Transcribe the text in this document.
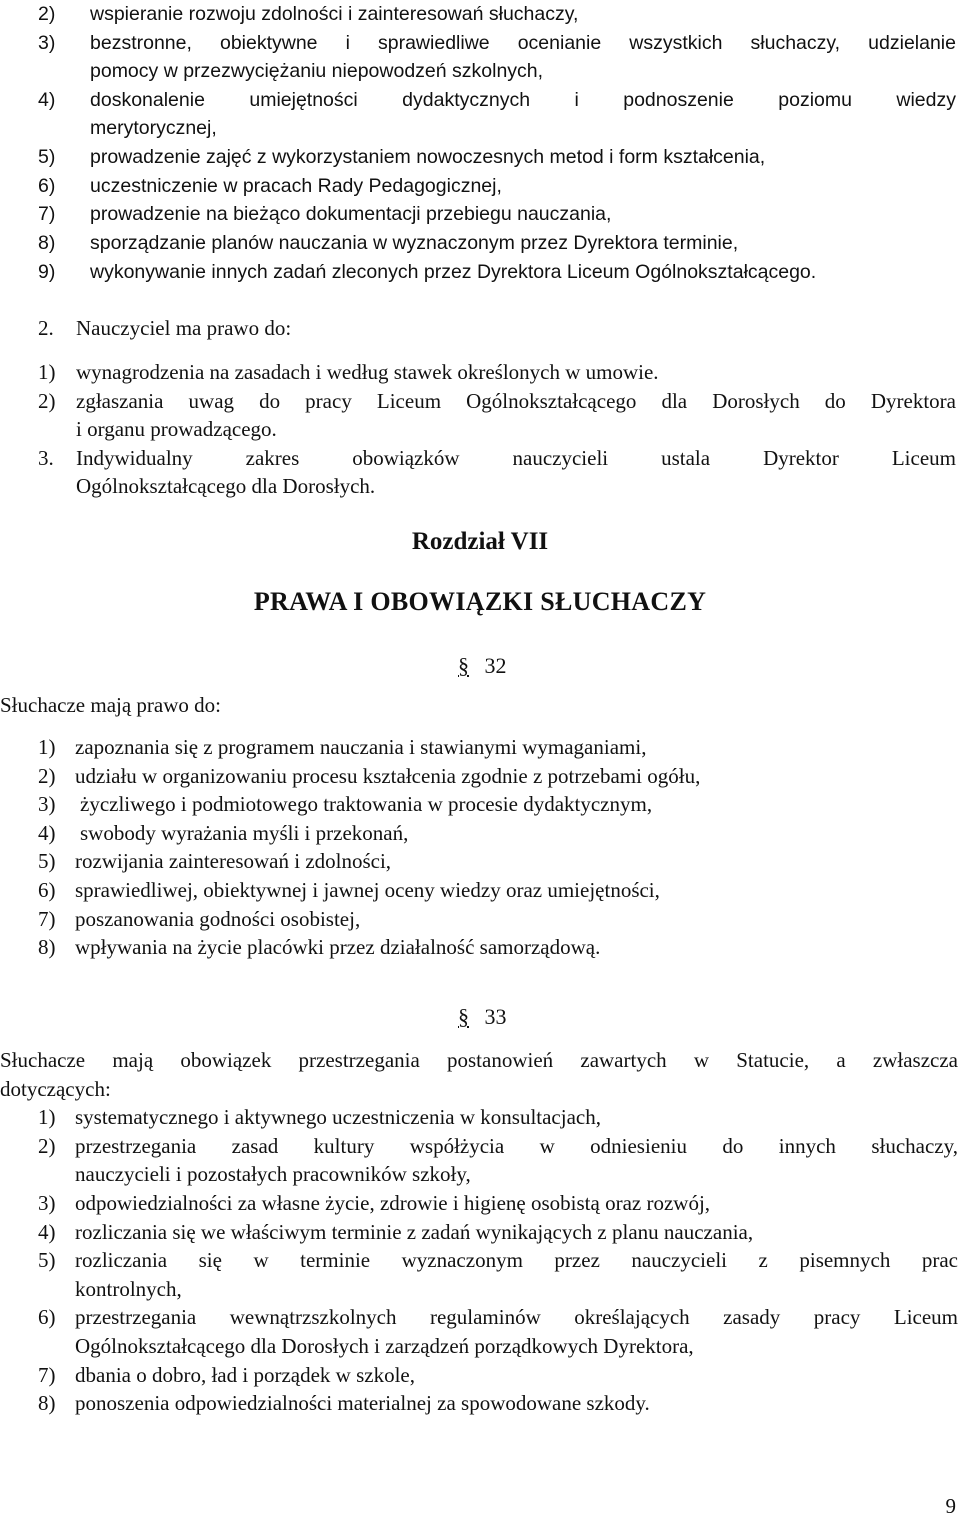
2) wspieranie rozwoju zdolności i zainteresowań słuchaczy,
3) bezstronne, obiektywne i sprawiedliwe ocenianie wszystkich słuchaczy, udzielanie
pomocy w przezwyciężaniu niepowodzeń szkolnych,
4) doskonalenie umiejętności dydaktycznych i podnoszenie poziomu wiedzy
merytorycznej,
5) prowadzenie zajęć z wykorzystaniem nowoczesnych metod i form kształcenia,
6) uczestniczenie w pracach Rady Pedagogicznej,
7) prowadzenie na bieżąco dokumentacji przebiegu nauczania,
8) sporządzanie planów nauczania w wyznaczonym przez Dyrektora terminie,
9) wykonywanie innych zadań zleconych przez Dyrektora Liceum Ogólnokształcącego.
2. Nauczyciel ma prawo do:
1) wynagrodzenia na zasadach i według stawek określonych w umowie.
2) zgłaszania uwag do pracy Liceum Ogólnokształcącego dla Dorosłych do Dyrektora
i organu prowadzącego.
3. Indywidualny zakres obowiązków nauczycieli ustala Dyrektor Liceum
Ogólnokształcącego dla Dorosłych.
Rozdział VII
PRAWA I OBOWIĄZKI SŁUCHACZY
§ 32
Słuchacze mają prawo do:
1) zapoznania się z programem nauczania i stawianymi wymaganiami,
2) udziału w organizowaniu procesu kształcenia zgodnie z potrzebami ogółu,
3) życzliwego i podmiotowego traktowania w procesie dydaktycznym,
4) swobody wyrażania myśli i przekonań,
5) rozwijania zainteresowań i zdolności,
6) sprawiedliwej, obiektywnej i jawnej oceny wiedzy oraz umiejętności,
7) poszanowania godności osobistej,
8) wpływania na życie placówki przez działalność samorządową.
§ 33
Słuchacze mają obowiązek przestrzegania postanowień zawartych w Statucie, a zwłaszcza
dotyczących:
1) systematycznego i aktywnego uczestniczenia w konsultacjach,
2) przestrzegania zasad kultury współżycia w odniesieniu do innych słuchaczy,
nauczycieli i pozostałych pracowników szkoły,
3) odpowiedzialności za własne życie, zdrowie i higienę osobistą oraz rozwój,
4) rozliczania się we właściwym terminie z zadań wynikających z planu nauczania,
5) rozliczania się w terminie wyznaczonym przez nauczycieli z pisemnych prac
kontrolnych,
6) przestrzegania wewnątrzszkolnych regulaminów określających zasady pracy Liceum
Ogólnokształcącego dla Dorosłych i zarządzeń porządkowych Dyrektora,
7) dbania o dobro, ład i porządek w szkole,
8) ponoszenia odpowiedzialności materialnej za spowodowane szkody.
9
